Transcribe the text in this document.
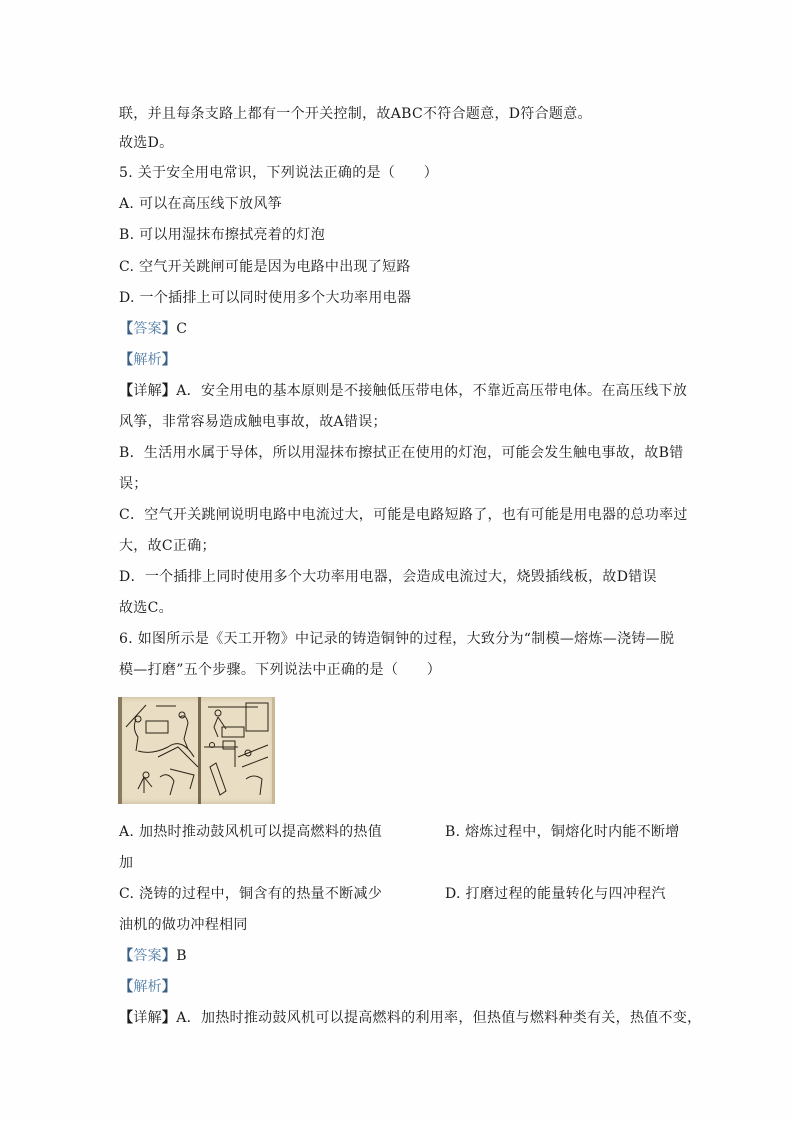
联，并且每条支路上都有一个开关控制，故ABC不符合题意，D符合题意。
故选D。
5. 关于安全用电常识，下列说法正确的是（　　）
A. 可以在高压线下放风筝
B. 可以用湿抹布擦拭亮着的灯泡
C. 空气开关跳闸可能是因为电路中出现了短路
D. 一个插排上可以同时使用多个大功率用电器
【答案】C
【解析】
【详解】A．安全用电的基本原则是不接触低压带电体，不靠近高压带电体。在高压线下放
风筝，非常容易造成触电事故，故A错误；
B．生活用水属于导体，所以用湿抹布擦拭正在使用的灯泡，可能会发生触电事故，故B错
误；
C．空气开关跳闸说明电路中电流过大，可能是电路短路了，也有可能是用电器的总功率过
大，故C正确；
D．一个插排上同时使用多个大功率用电器，会造成电流过大，烧毁插线板，故D错误
故选C。
6. 如图所示是《天工开物》中记录的铸造铜钟的过程，大致分为“制模—熔炼—浇铸—脱
模—打磨”五个步骤。下列说法中正确的是（　　）
A. 加热时推动鼓风机可以提高燃料的热值	B. 熔炼过程中，铜熔化时内能不断增
加
C. 浇铸的过程中，铜含有的热量不断减少	D. 打磨过程的能量转化与四冲程汽
油机的做功冲程相同
【答案】B
【解析】
【详解】A．加热时推动鼓风机可以提高燃料的利用率，但热值与燃料种类有关，热值不变，
